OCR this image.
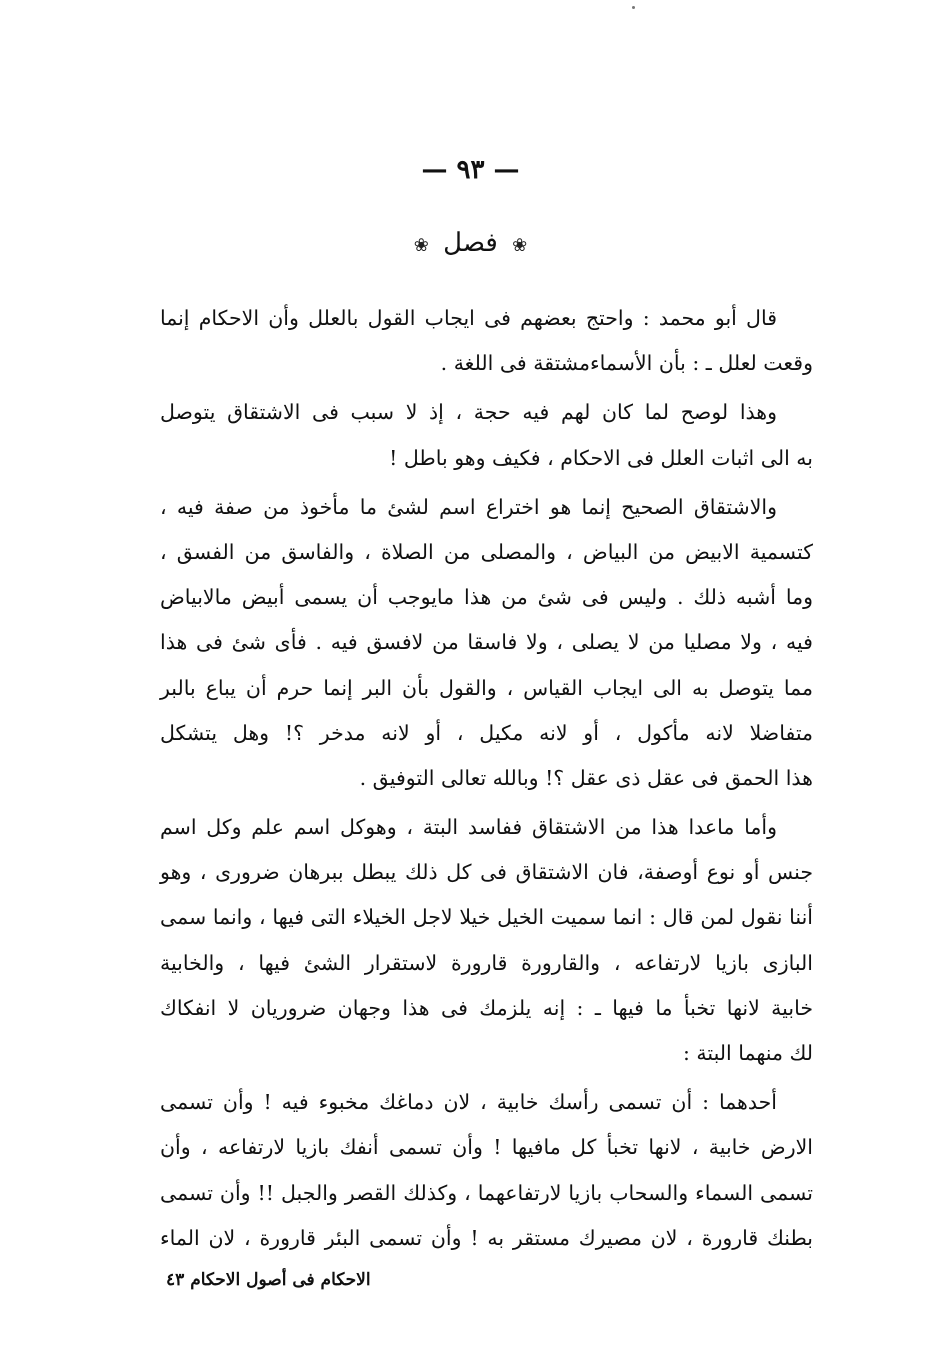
— ٩٣ —
❀ فصل ❀
قال أبو محمد : واحتج بعضهم فى ايجاب القول بالعلل وأن الاحكام إنما
وقعت لعلل ـ : بأن الأسماءمشتقة فى اللغة .
وهذا لوصح لما كان لهم فيه حجة ، إذ لا سبب فى الاشتقاق يتوصل
به الى اثبات العلل فى الاحكام ، فكيف وهو باطل !
والاشتقاق الصحيح إنما هو اختراع اسم لشئ ما مأخوذ من صفة فيه ،
كتسمية الابيض من البياض ، والمصلى من الصلاة ، والفاسق من الفسق ،
وما أشبه ذلك . وليس فى شئ من هذا مايوجب أن يسمى أبيض مالابياض
فيه ، ولا مصليا من لا يصلى ، ولا فاسقا من لافسق فيه . فأى شئ فى هذا
مما يتوصل به الى ايجاب القياس ، والقول بأن البر إنما حرم أن يباع بالبر
متفاضلا لانه مأكول ، أو لانه مكيل ، أو لانه مدخر ؟! وهل يتشكل
هذا الحمق فى عقل ذى عقل ؟! وبالله تعالى التوفيق .
وأما ماعدا هذا من الاشتقاق ففاسد البتة ، وهوكل اسم علم وكل اسم
جنس أو نوع أوصفة، فان الاشتقاق فى كل ذلك يبطل ببرهان ضرورى ، وهو
أننا نقول لمن قال : انما سميت الخيل خيلا لاجل الخيلاء التى فيها ، وانما سمى
البازى بازيا لارتفاعه ، والقارورة قارورة لاستقرار الشئ فيها ، والخابية
خابية لانها تخبأ ما فيها ـ : إنه يلزمك فى هذا وجهان ضروريان لا انفكاك
لك منهما البتة :
أحدهما : أن تسمى رأسك خابية ، لان دماغك مخبوء فيه ! وأن تسمى
الارض خابية ، لانها تخبأ كل مافيها ! وأن تسمى أنفك بازيا لارتفاعه ، وأن
تسمى السماء والسحاب بازيا لارتفاعهما ، وكذلك القصر والجبل !! وأن تسمى
بطنك قارورة ، لان مصيرك مستقر به ! وأن تسمى البئر قارورة ، لان الماء
الاحكام فى أصول الاحكام ٤٣
